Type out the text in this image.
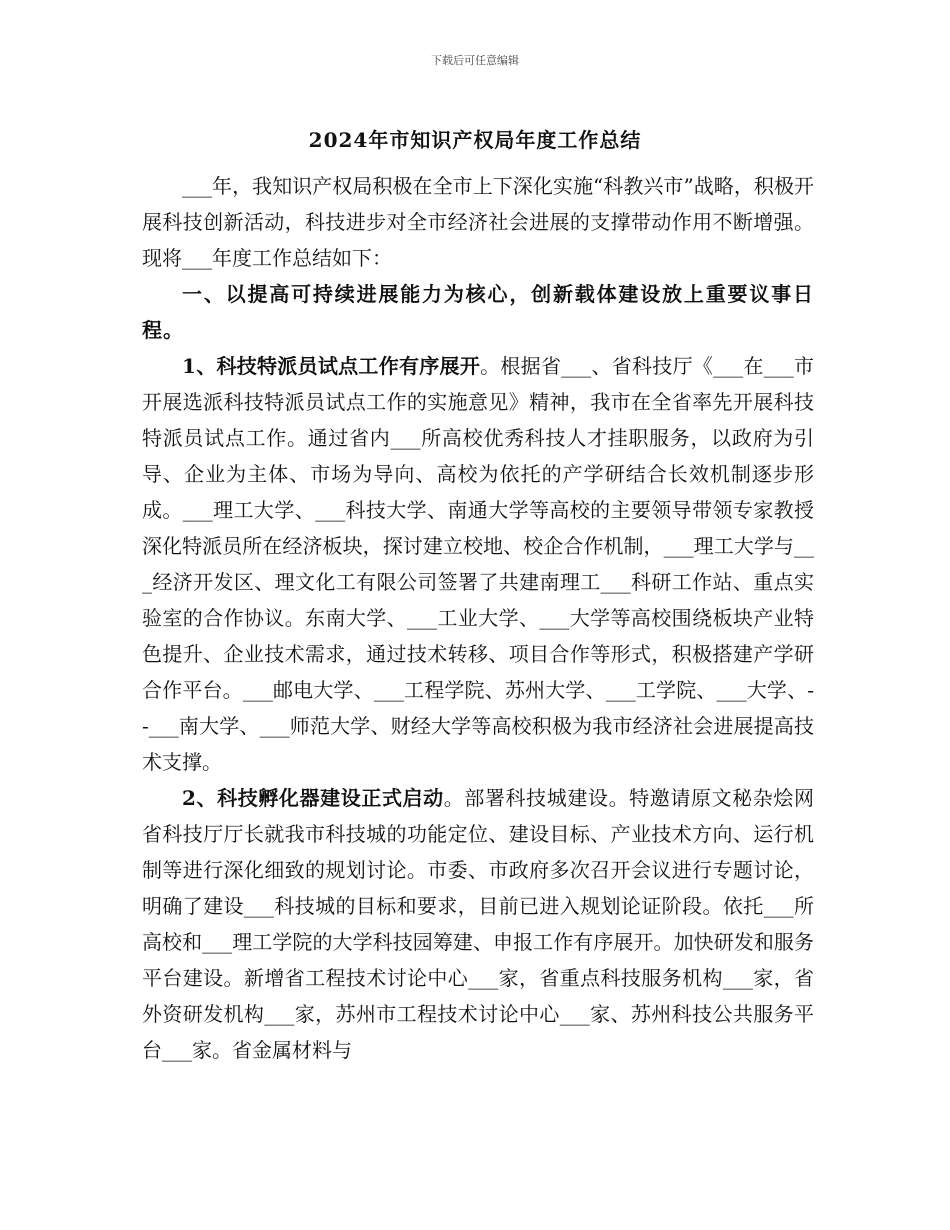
下载后可任意编辑
2024年市知识产权局年度工作总结

___年，我知识产权局积极在全市上下深化实施“科教兴市”战略，积极开展科技创新活动，科技进步对全市经济社会进展的支撑带动作用不断增强。现将___年度工作总结如下：

一、以提高可持续进展能力为核心，创新载体建设放上重要议事日程。

1、科技特派员试点工作有序展开。根据省___、省科技厅《___在___市开展选派科技特派员试点工作的实施意见》精神，我市在全省率先开展科技特派员试点工作。通过省内___所高校优秀科技人才挂职服务，以政府为引导、企业为主体、市场为导向、高校为依托的产学研结合长效机制逐步形成。___理工大学、___科技大学、南通大学等高校的主要领导带领专家教授深化特派员所在经济板块，探讨建立校地、校企合作机制，___理工大学与___经济开发区、理文化工有限公司签署了共建南理工___科研工作站、重点实验室的合作协议。东南大学、___工业大学、___大学等高校围绕板块产业特色提升、企业技术需求，通过技术转移、项目合作等形式，积极搭建产学研合作平台。___邮电大学、___工程学院、苏州大学、___工学院、___大学、--___南大学、___师范大学、财经大学等高校积极为我市经济社会进展提高技术支撑。

2、科技孵化器建设正式启动。部署科技城建设。特邀请原文秘杂烩网省科技厅厅长就我市科技城的功能定位、建设目标、产业技术方向、运行机制等进行深化细致的规划讨论。市委、市政府多次召开会议进行专题讨论，明确了建设___科技城的目标和要求，目前已进入规划论证阶段。依托___所高校和___理工学院的大学科技园筹建、申报工作有序展开。加快研发和服务平台建设。新增省工程技术讨论中心___家，省重点科技服务机构___家，省外资研发机构___家，苏州市工程技术讨论中心___家、苏州科技公共服务平台___家。省金属材料与
